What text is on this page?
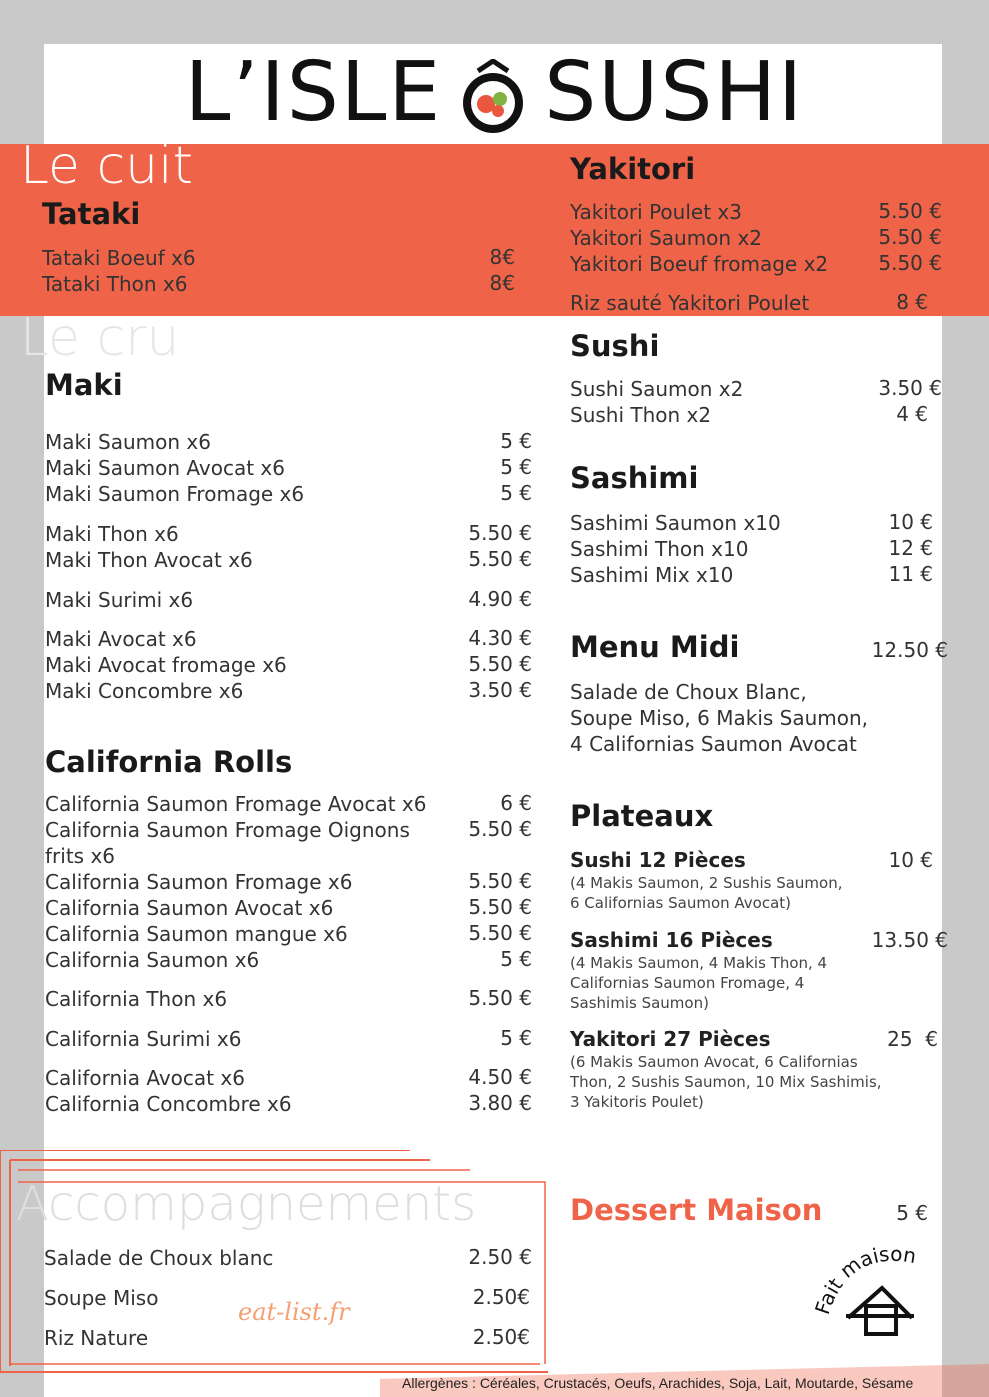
L’ISLE SUSHI
Le cuit
Tataki
Tataki Boeuf x6	8€
Tataki Thon x6	8€
Yakitori
Yakitori Poulet x3	5.50 €
Yakitori Saumon x2	5.50 €
Yakitori Boeuf fromage x2	5.50 €
Riz sauté Yakitori Poulet	8 €
Le cru
Maki
Maki Saumon x6	5 €
Maki Saumon Avocat x6	5 €
Maki Saumon Fromage x6	5 €
Maki Thon x6	5.50 €
Maki Thon Avocat x6	5.50 €
Maki Surimi x6	4.90 €
Maki Avocat x6	4.30 €
Maki Avocat fromage x6	5.50 €
Maki Concombre x6	3.50 €
California Rolls
California Saumon Fromage Avocat x6	6 €
California Saumon Fromage Oignons
frits x6
5.50 €
California Saumon Fromage x6	5.50 €
California Saumon Avocat x6	5.50 €
California Saumon mangue x6	5.50 €
California Saumon x6	5 €
California Thon x6	5.50 €
California Surimi x6	5 €
California Avocat x6	4.50 €
California Concombre x6	3.80 €
Sushi
Sushi Saumon x2	3.50 €
Sushi Thon x2	4 €
Sashimi
Sashimi Saumon x10	10 €
Sashimi Thon x10	12 €
Sashimi Mix x10	11 €
Menu Midi	12.50 €
Salade de Choux Blanc,
Soupe Miso, 6 Makis Saumon,
4 Californias Saumon Avocat
Plateaux
Sushi 12 Pièces	10 €
(4 Makis Saumon, 2 Sushis Saumon,
6 Californias Saumon Avocat)
Sashimi 16 Pièces	13.50 €
(4 Makis Saumon, 4 Makis Thon, 4
Californias Saumon Fromage, 4
Sashimis Saumon)
Yakitori 27 Pièces	25  €
(6 Makis Saumon Avocat, 6 Californias
Thon, 2 Sushis Saumon, 10 Mix Sashimis,
3 Yakitoris Poulet)
Dessert Maison	5 €
Fait maison
Accompagnements
Salade de Choux blanc	2.50 €
Soupe Miso	2.50€
Riz Nature	2.50€
eat-list.fr
Allergènes : Céréales, Crustacés, Oeufs, Arachides, Soja, Lait, Moutarde, Sésame
